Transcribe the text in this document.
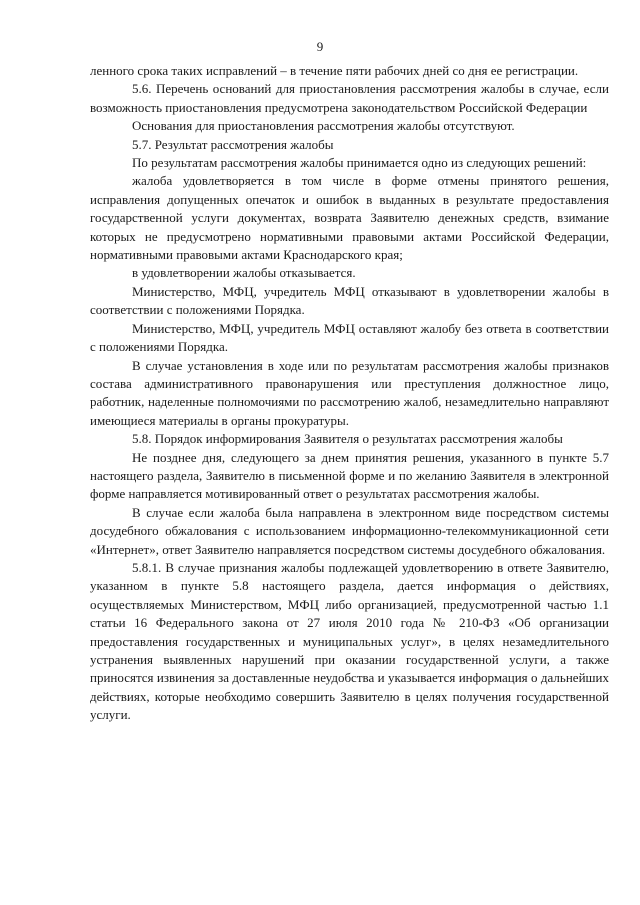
9

ленного срока таких исправлений – в течение пяти рабочих дней со дня ее регистрации.

5.6. Перечень оснований для приостановления рассмотрения жалобы в случае, если возможность приостановления предусмотрена законодательством Российской Федерации

Основания для приостановления рассмотрения жалобы отсутствуют.

5.7. Результат рассмотрения жалобы

По результатам рассмотрения жалобы принимается одно из следующих решений:

жалоба удовлетворяется в том числе в форме отмены принятого решения, исправления допущенных опечаток и ошибок в выданных в результате предоставления государственной услуги документах, возврата Заявителю денежных средств, взимание которых не предусмотрено нормативными правовыми актами Российской Федерации, нормативными правовыми актами Краснодарского края;

в удовлетворении жалобы отказывается.

Министерство, МФЦ, учредитель МФЦ отказывают в удовлетворении жалобы в соответствии с положениями Порядка.

Министерство, МФЦ, учредитель МФЦ оставляют жалобу без ответа в соответствии с положениями Порядка.

В случае установления в ходе или по результатам рассмотрения жалобы признаков состава административного правонарушения или преступления должностное лицо, работник, наделенные полномочиями по рассмотрению жалоб, незамедлительно направляют имеющиеся материалы в органы прокуратуры.

5.8. Порядок информирования Заявителя о результатах рассмотрения жалобы

Не позднее дня, следующего за днем принятия решения, указанного в пункте 5.7 настоящего раздела, Заявителю в письменной форме и по желанию Заявителя в электронной форме направляется мотивированный ответ о результатах рассмотрения жалобы.

В случае если жалоба была направлена в электронном виде посредством системы досудебного обжалования с использованием информационно-телекоммуникационной сети «Интернет», ответ Заявителю направляется посредством системы досудебного обжалования.

5.8.1. В случае признания жалобы подлежащей удовлетворению в ответе Заявителю, указанном в пункте 5.8 настоящего раздела, дается информация о действиях, осуществляемых Министерством, МФЦ либо организацией, предусмотренной частью 1.1 статьи 16 Федерального закона от 27 июля 2010 года № 210-ФЗ «Об организации предоставления государственных и муниципальных услуг», в целях незамедлительного устранения выявленных нарушений при оказании государственной услуги, а также приносятся извинения за доставленные неудобства и указывается информация о дальнейших действиях, которые необходимо совершить Заявителю в целях получения государственной услуги.
